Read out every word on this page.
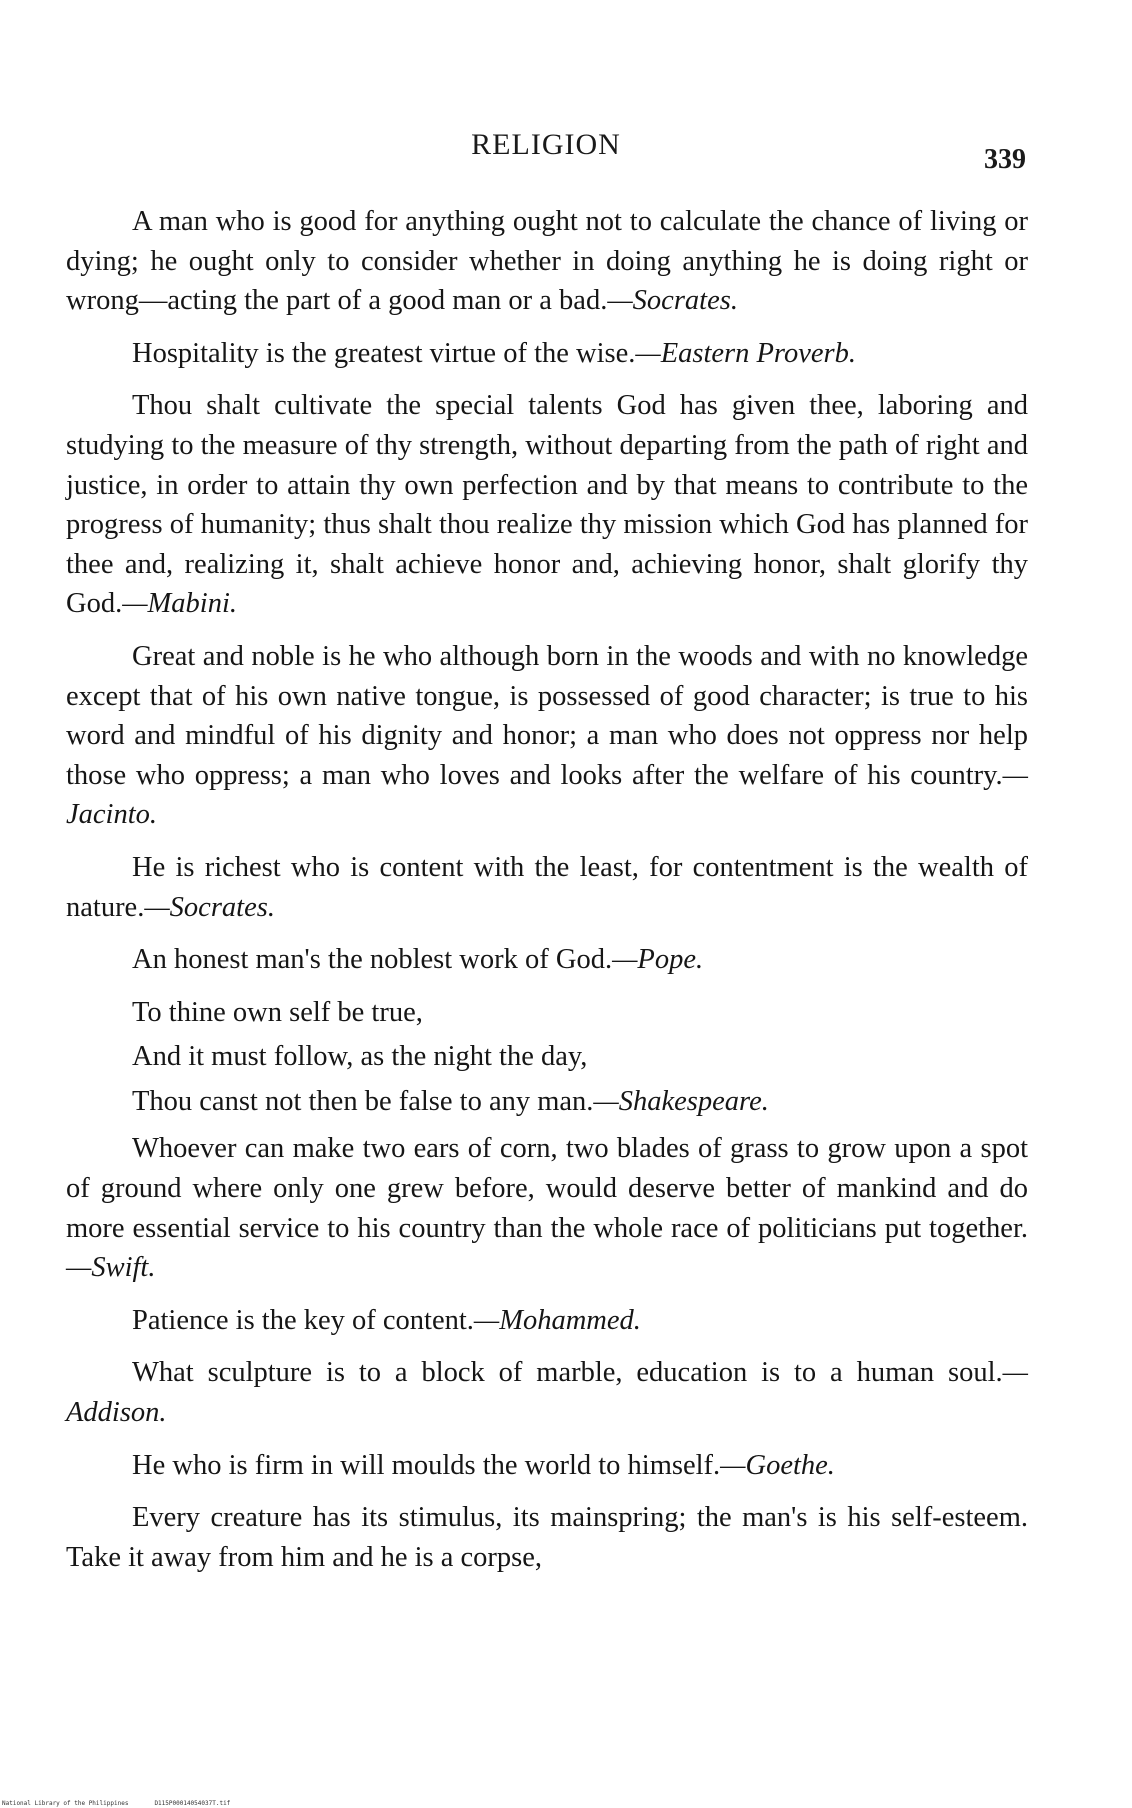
RELIGION	339

A man who is good for anything ought not to calculate the chance of living or dying; he ought only to consider whether in doing anything he is doing right or wrong—acting the part of a good man or a bad.—Socrates.

Hospitality is the greatest virtue of the wise.—Eastern Proverb.

Thou shalt cultivate the special talents God has given thee, laboring and studying to the measure of thy strength, without departing from the path of right and justice, in order to attain thy own perfection and by that means to contribute to the progress of humanity; thus shalt thou realize thy mission which God has planned for thee and, realizing it, shalt achieve honor and, achieving honor, shalt glorify thy God.—Mabini.

Great and noble is he who although born in the woods and with no knowledge except that of his own native tongue, is possessed of good character; is true to his word and mindful of his dignity and honor; a man who does not oppress nor help those who oppress; a man who loves and looks after the welfare of his country.—Jacinto.

He is richest who is content with the least, for contentment is the wealth of nature.—Socrates.

An honest man's the noblest work of God.—Pope.

To thine own self be true,

And it must follow, as the night the day,

Thou canst not then be false to any man.—Shakespeare.

Whoever can make two ears of corn, two blades of grass to grow upon a spot of ground where only one grew before, would deserve better of mankind and do more essential service to his country than the whole race of politicians put together.—Swift.

Patience is the key of content.—Mohammed.

What sculpture is to a block of marble, education is to a human soul.—Addison.

He who is firm in will moulds the world to himself.—Goethe.

Every creature has its stimulus, its mainspring; the man's is his self-esteem. Take it away from him and he is a corpse,

National Library of the Philippines	D115P00014054037T.tif
